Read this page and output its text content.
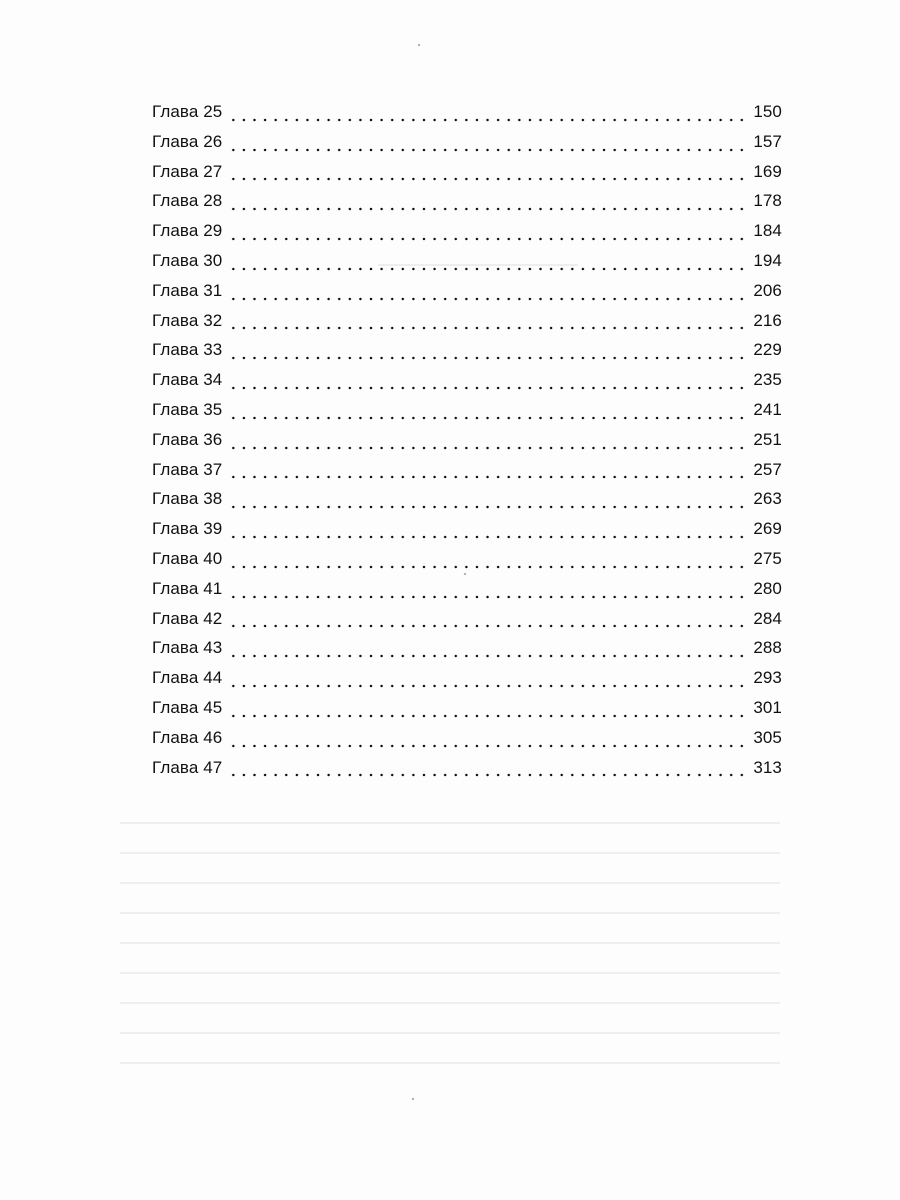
Глава 25	150
Глава 26	157
Глава 27	169
Глава 28	178
Глава 29	184
Глава 30	194
Глава 31	206
Глава 32	216
Глава 33	229
Глава 34	235
Глава 35	241
Глава 36	251
Глава 37	257
Глава 38	263
Глава 39	269
Глава 40	275
Глава 41	280
Глава 42	284
Глава 43	288
Глава 44	293
Глава 45	301
Глава 46	305
Глава 47	313
